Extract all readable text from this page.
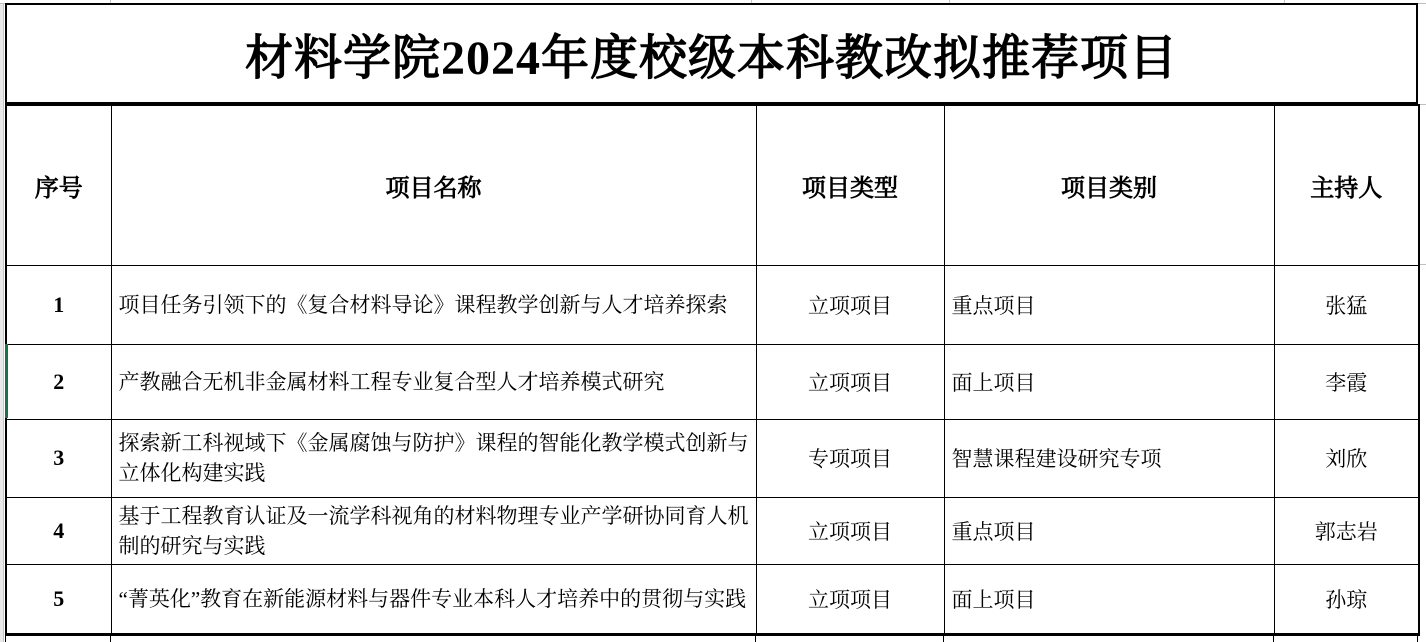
材料学院2024年度校级本科教改拟推荐项目
序号	项目名称	项目类型	项目类别	主持人
1	项目任务引领下的《复合材料导论》课程教学创新与人才培养探索	立项项目	重点项目	张猛
2	产教融合无机非金属材料工程专业复合型人才培养模式研究	立项项目	面上项目	李霞
3	探索新工科视域下《金属腐蚀与防护》课程的智能化教学模式创新与立体化构建实践	专项项目	智慧课程建设研究专项	刘欣
4	基于工程教育认证及一流学科视角的材料物理专业产学研协同育人机制的研究与实践	立项项目	重点项目	郭志岩
5	“菁英化”教育在新能源材料与器件专业本科人才培养中的贯彻与实践	立项项目	面上项目	孙琼
